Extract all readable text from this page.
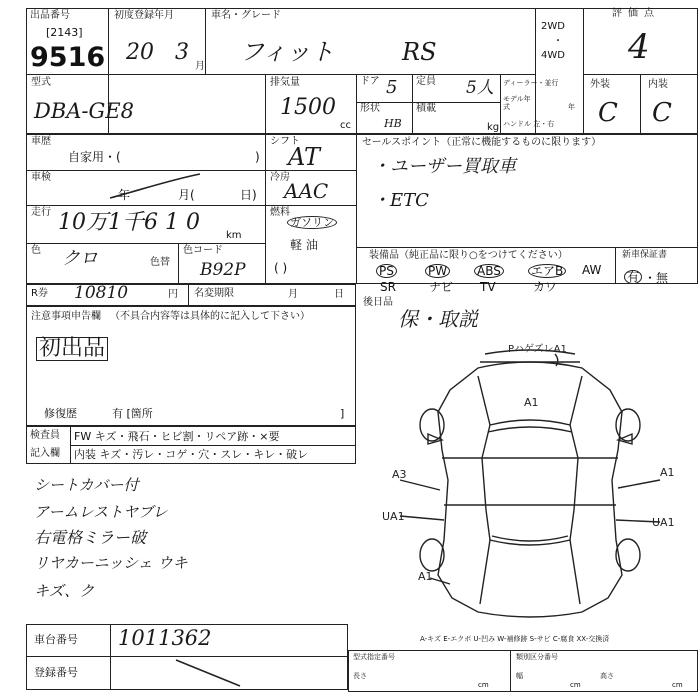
出品番号
[2143]
9516
初度登録年月
20 3
月
車名・グレード
フィット	RS
2WD
・
4WD
評価点
4
型式
DBA-GE8
排気量
1500
cc
ドア 5 定員 5人
形状
HB
積載
kg
ディーラー・並行
モデル年式	年
ハンドル 左・右
外装	内装
C C
車歴
自家用・(	)
シフト
AT
車検
年	月(	日)
冷房
AAC
走行 10万1千6 1 0
km
燃料
ガソリン
軽 油
( )
色 クロ	色替
色コード
B92P
セールスポイント（正常に機能するものに限ります）
・ユーザー買取車
・ETC
装備品（純正品に限り○をつけてください）	新車保証書
PS	PW ABS	エアB AW
SR	ナビ TV	カワ
有 ・無
R券 10810	円 名変期限	月	日
注意事項申告欄 （不具合内容等は具体的に記入して下さい）
初出品
修復歴	有 [箇所	]
後日品
保・取説
検査員
記入欄
FW キズ・飛石・ヒビ割・リペア跡・×要
内装 キズ・汚レ・コゲ・穴・スレ・キレ・破レ
シートカバー付
アームレストヤブレ
右電格ミラー破
リヤカーニッシェ ウキ
キズ、ク
PハゲズレA1
A1
A3	A1
UA1	UA1
A1
A-キズ E-エクボ U-凹み W-補修跡 S-サビ C-腐食 XX-交換済
車台番号 1011362
登録番号
型式指定番号	類別区分番号
長さ
cm
幅
cm
高さ
cm
